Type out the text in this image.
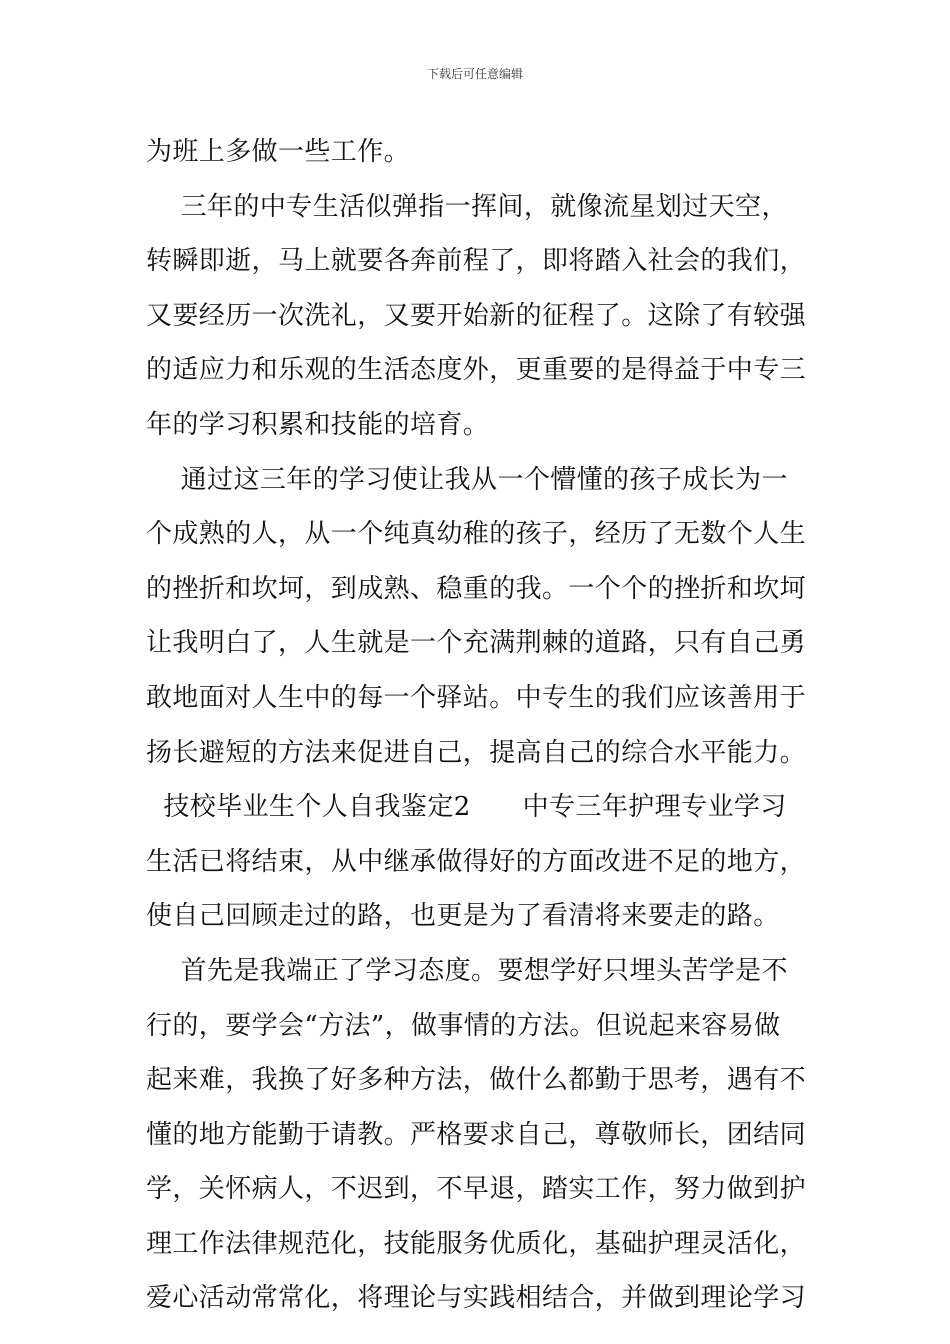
下载后可任意编辑
为班上多做一些工作。
三年的中专生活似弹指一挥间，就像流星划过天空，
转瞬即逝，马上就要各奔前程了，即将踏入社会的我们，
又要经历一次洗礼，又要开始新的征程了。这除了有较强
的适应力和乐观的生活态度外，更重要的是得益于中专三
年的学习积累和技能的培育。
通过这三年的学习使让我从一个懵懂的孩子成长为一
个成熟的人，从一个纯真幼稚的孩子，经历了无数个人生
的挫折和坎坷，到成熟、稳重的我。一个个的挫折和坎坷
让我明白了，人生就是一个充满荆棘的道路，只有自己勇
敢地面对人生中的每一个驿站。中专生的我们应该善用于
扬长避短的方法来促进自己，提高自己的综合水平能力。
技校毕业生个人自我鉴定2      中专三年护理专业学习
生活已将结束，从中继承做得好的方面改进不足的地方，
使自己回顾走过的路，也更是为了看清将来要走的路。
首先是我端正了学习态度。要想学好只埋头苦学是不
行的，要学会“方法”，做事情的方法。但说起来容易做
起来难，我换了好多种方法，做什么都勤于思考，遇有不
懂的地方能勤于请教。严格要求自己，尊敬师长，团结同
学，关怀病人，不迟到，不早退，踏实工作，努力做到护
理工作法律规范化，技能服务优质化，基础护理灵活化，
爱心活动常常化，将理论与实践相结合，并做到理论学习
